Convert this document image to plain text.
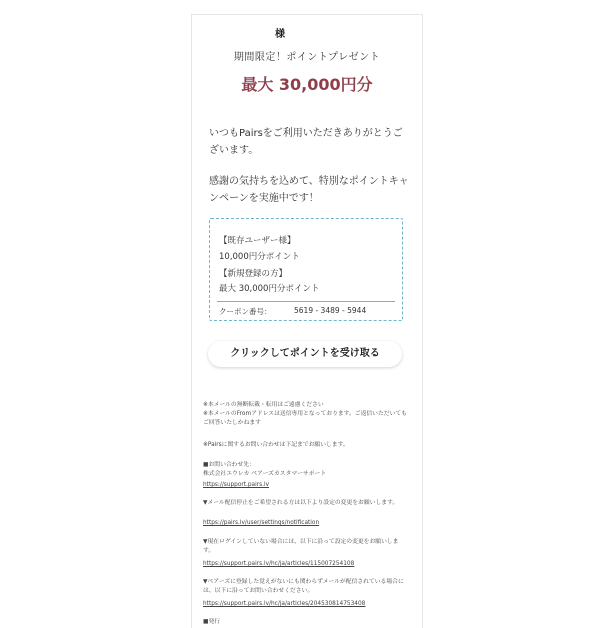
様
期間限定！ポイントプレゼント
最大 30,000円分
いつもPairsをご利用いただきありがとうございます。
感謝の気持ちを込めて、特別なポイントキャンペーンを実施中です！
【既存ユーザー様】
10,000円分ポイント
【新規登録の方】
最大 30,000円分ポイント
クーポン番号：	5619 - 3489 - 5944
クリックしてポイントを受け取る
※本メールの無断転載・転用はご遠慮ください
※本メールのFromアドレスは送信専用となっております。ご返信いただいてもご回答いたしかねます
※Pairsに関するお問い合わせは下記までお願いします。
■お問い合わせ先：
株式会社エウレカ ペアーズカスタマーサポート
https://support.pairs.lv
▼メール配信停止をご希望される方は以下より設定の変更をお願いします。
https://pairs.lv/user/settings/notification
▼現在ログインしていない場合には、以下に沿って設定の変更をお願いします。
https://support.pairs.lv/hc/ja/articles/115007254108
▼ペアーズに登録した覚えがないにも関わらずメールが配信されている場合には、以下に沿ってお問い合わせください。
https://support.pairs.lv/hc/ja/articles/204530814753408
■発行
